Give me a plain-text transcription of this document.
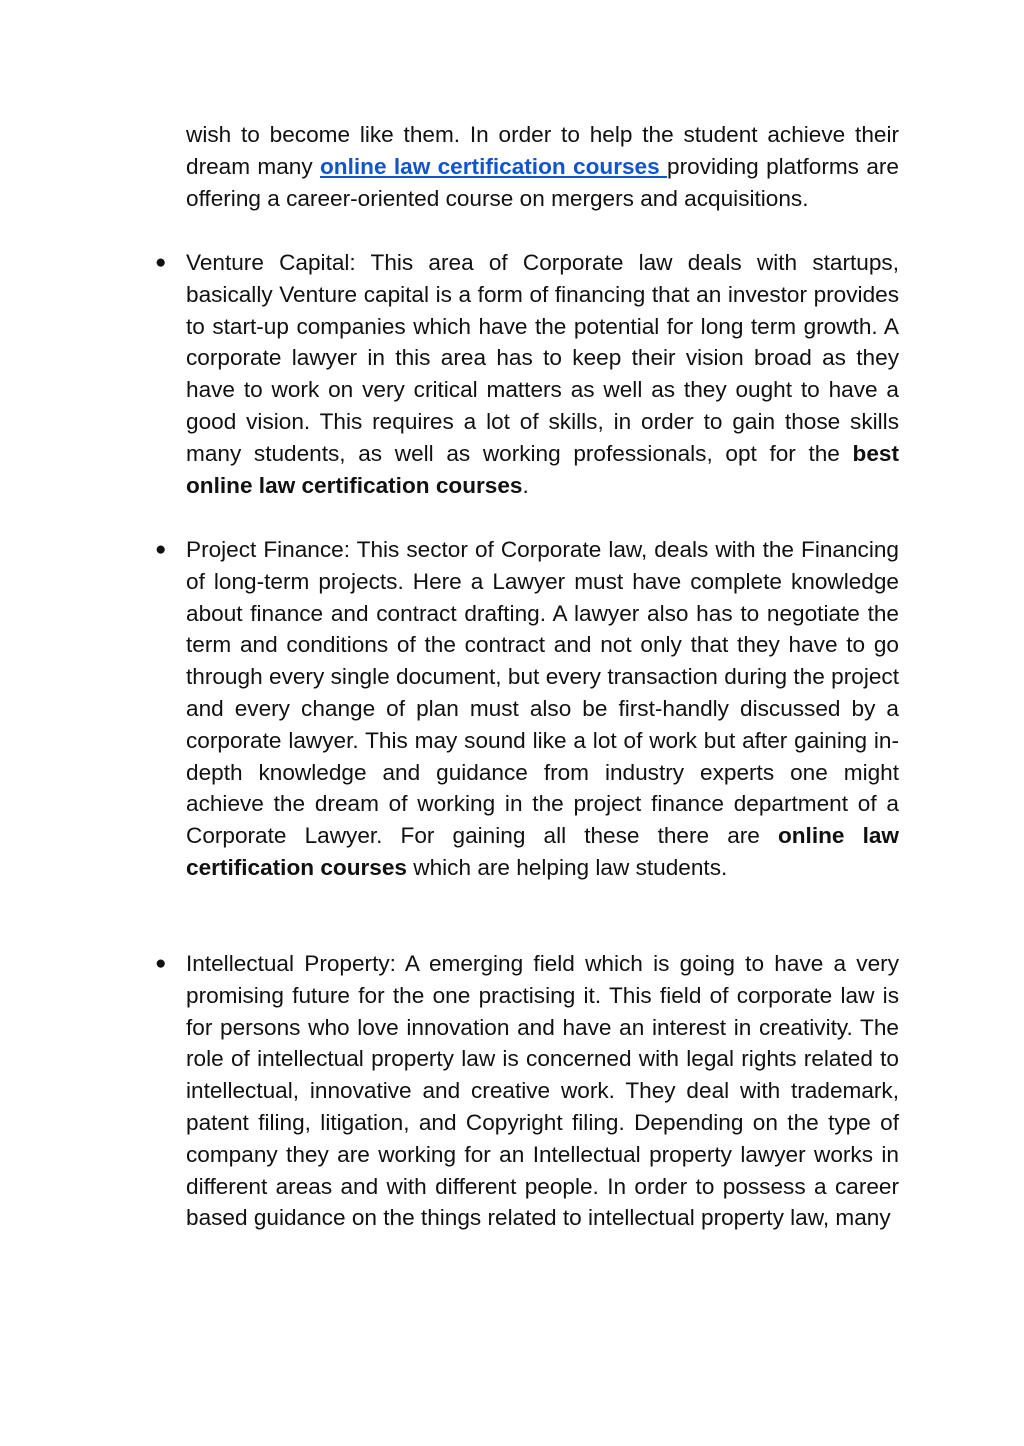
wish to become like them. In order to help the student achieve their dream many online law certification courses providing platforms are offering a career-oriented course on mergers and acquisitions.

● Venture Capital: This area of Corporate law deals with startups, basically Venture capital is a form of financing that an investor provides to start-up companies which have the potential for long term growth. A corporate lawyer in this area has to keep their vision broad as they have to work on very critical matters as well as they ought to have a good vision. This requires a lot of skills, in order to gain those skills many students, as well as working professionals, opt for the best online law certification courses.

● Project Finance: This sector of Corporate law, deals with the Financing of long-term projects. Here a Lawyer must have complete knowledge about finance and contract drafting. A lawyer also has to negotiate the term and conditions of the contract and not only that they have to go through every single document, but every transaction during the project and every change of plan must also be first-handly discussed by a corporate lawyer. This may sound like a lot of work but after gaining in-depth knowledge and guidance from industry experts one might achieve the dream of working in the project finance department of a Corporate Lawyer. For gaining all these there are online law certification courses which are helping law students.

● Intellectual Property: A emerging field which is going to have a very promising future for the one practising it. This field of corporate law is for persons who love innovation and have an interest in creativity. The role of intellectual property law is concerned with legal rights related to intellectual, innovative and creative work. They deal with trademark, patent filing, litigation, and Copyright filing. Depending on the type of company they are working for an Intellectual property lawyer works in different areas and with different people. In order to possess a career based guidance on the things related to intellectual property law, many
